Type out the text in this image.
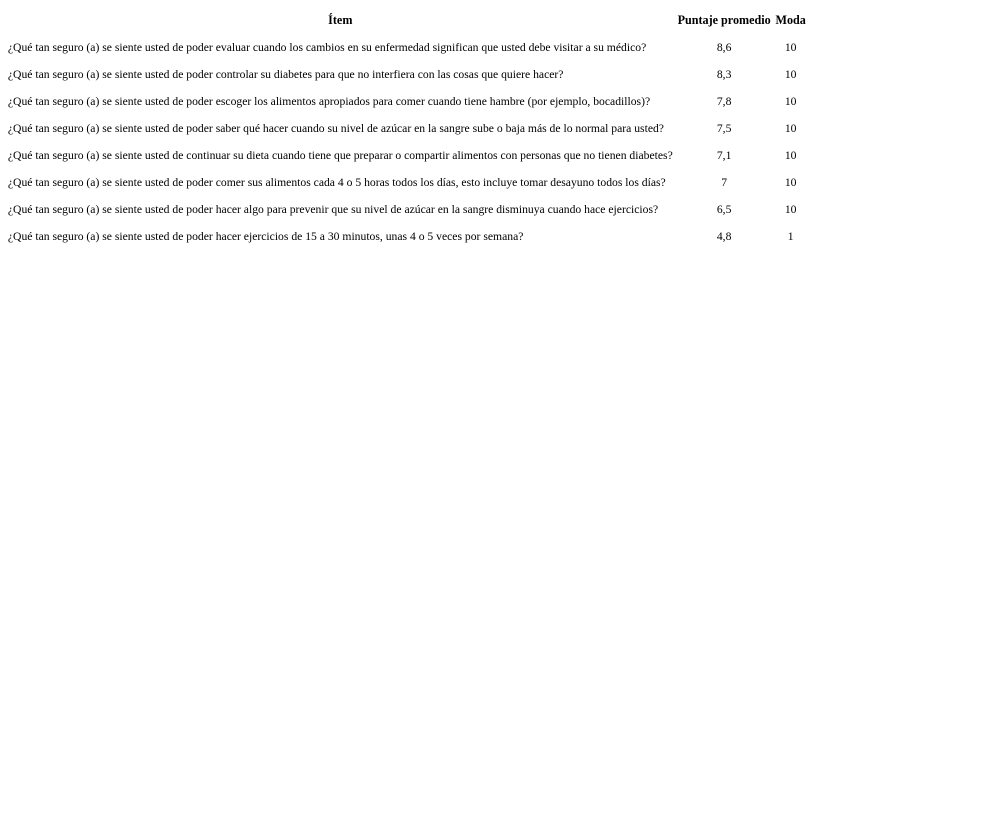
Ítem	Puntaje promedio	Moda
¿Qué tan seguro (a) se siente usted de poder evaluar cuando los cambios en su enfermedad significan que usted debe visitar a su médico?	8,6	10
¿Qué tan seguro (a) se siente usted de poder controlar su diabetes para que no interfiera con las cosas que quiere hacer?	8,3	10
¿Qué tan seguro (a) se siente usted de poder escoger los alimentos apropiados para comer cuando tiene hambre (por ejemplo, bocadillos)?	7,8	10
¿Qué tan seguro (a) se siente usted de poder saber qué hacer cuando su nivel de azúcar en la sangre sube o baja más de lo normal para usted?	7,5	10
¿Qué tan seguro (a) se siente usted de continuar su dieta cuando tiene que preparar o compartir alimentos con personas que no tienen diabetes?	7,1	10
¿Qué tan seguro (a) se siente usted de poder comer sus alimentos cada 4 o 5 horas todos los días, esto incluye tomar desayuno todos los días?	7	10
¿Qué tan seguro (a) se siente usted de poder hacer algo para prevenir que su nivel de azúcar en la sangre disminuya cuando hace ejercicios?	6,5	10
¿Qué tan seguro (a) se siente usted de poder hacer ejercicios de 15 a 30 minutos, unas 4 o 5 veces por semana?	4,8	1
